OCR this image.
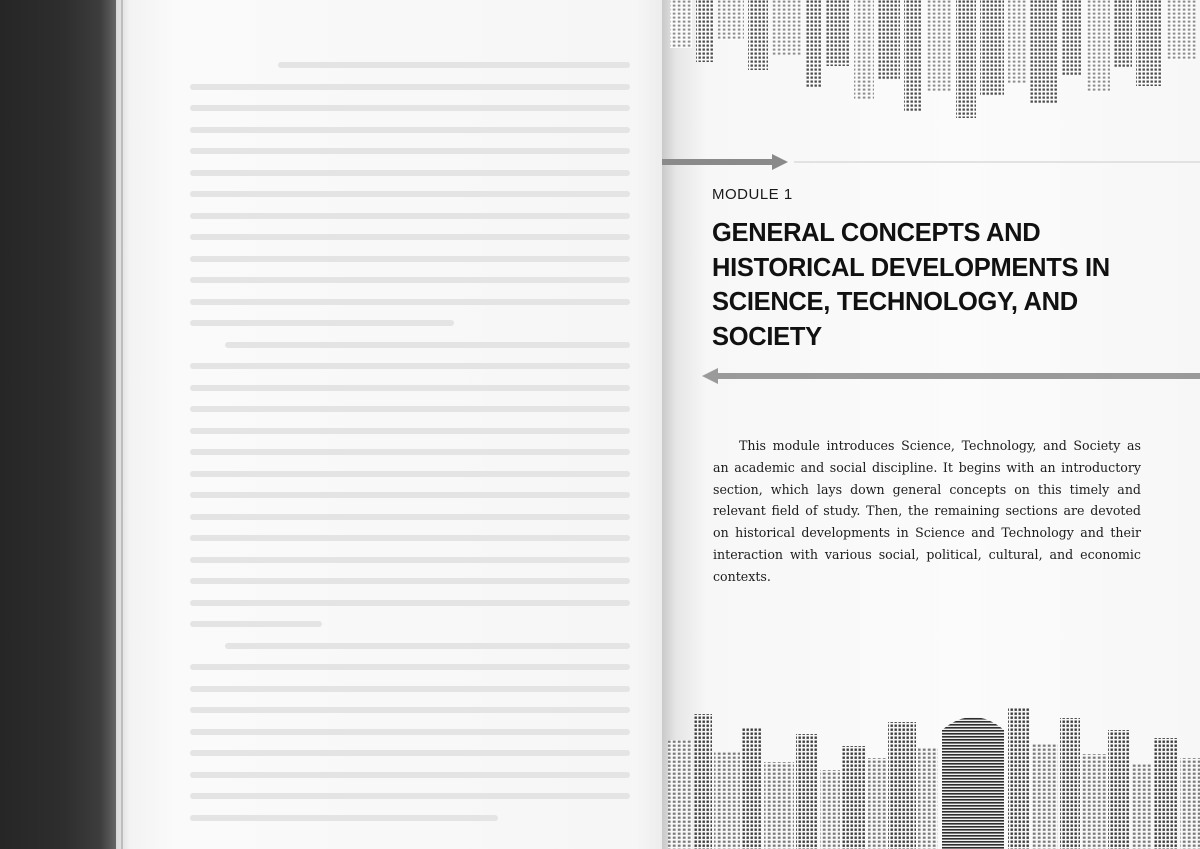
MODULE 1
GENERAL CONCEPTS AND HISTORICAL DEVELOPMENTS IN SCIENCE, TECHNOLOGY, AND SOCIETY

This module introduces Science, Technology, and Society as an academic and social discipline. It begins with an introductory section, which lays down general concepts on this timely and relevant field of study. Then, the remaining sections are devoted on historical developments in Science and Technology and their interaction with various social, political, cultural, and economic contexts.
